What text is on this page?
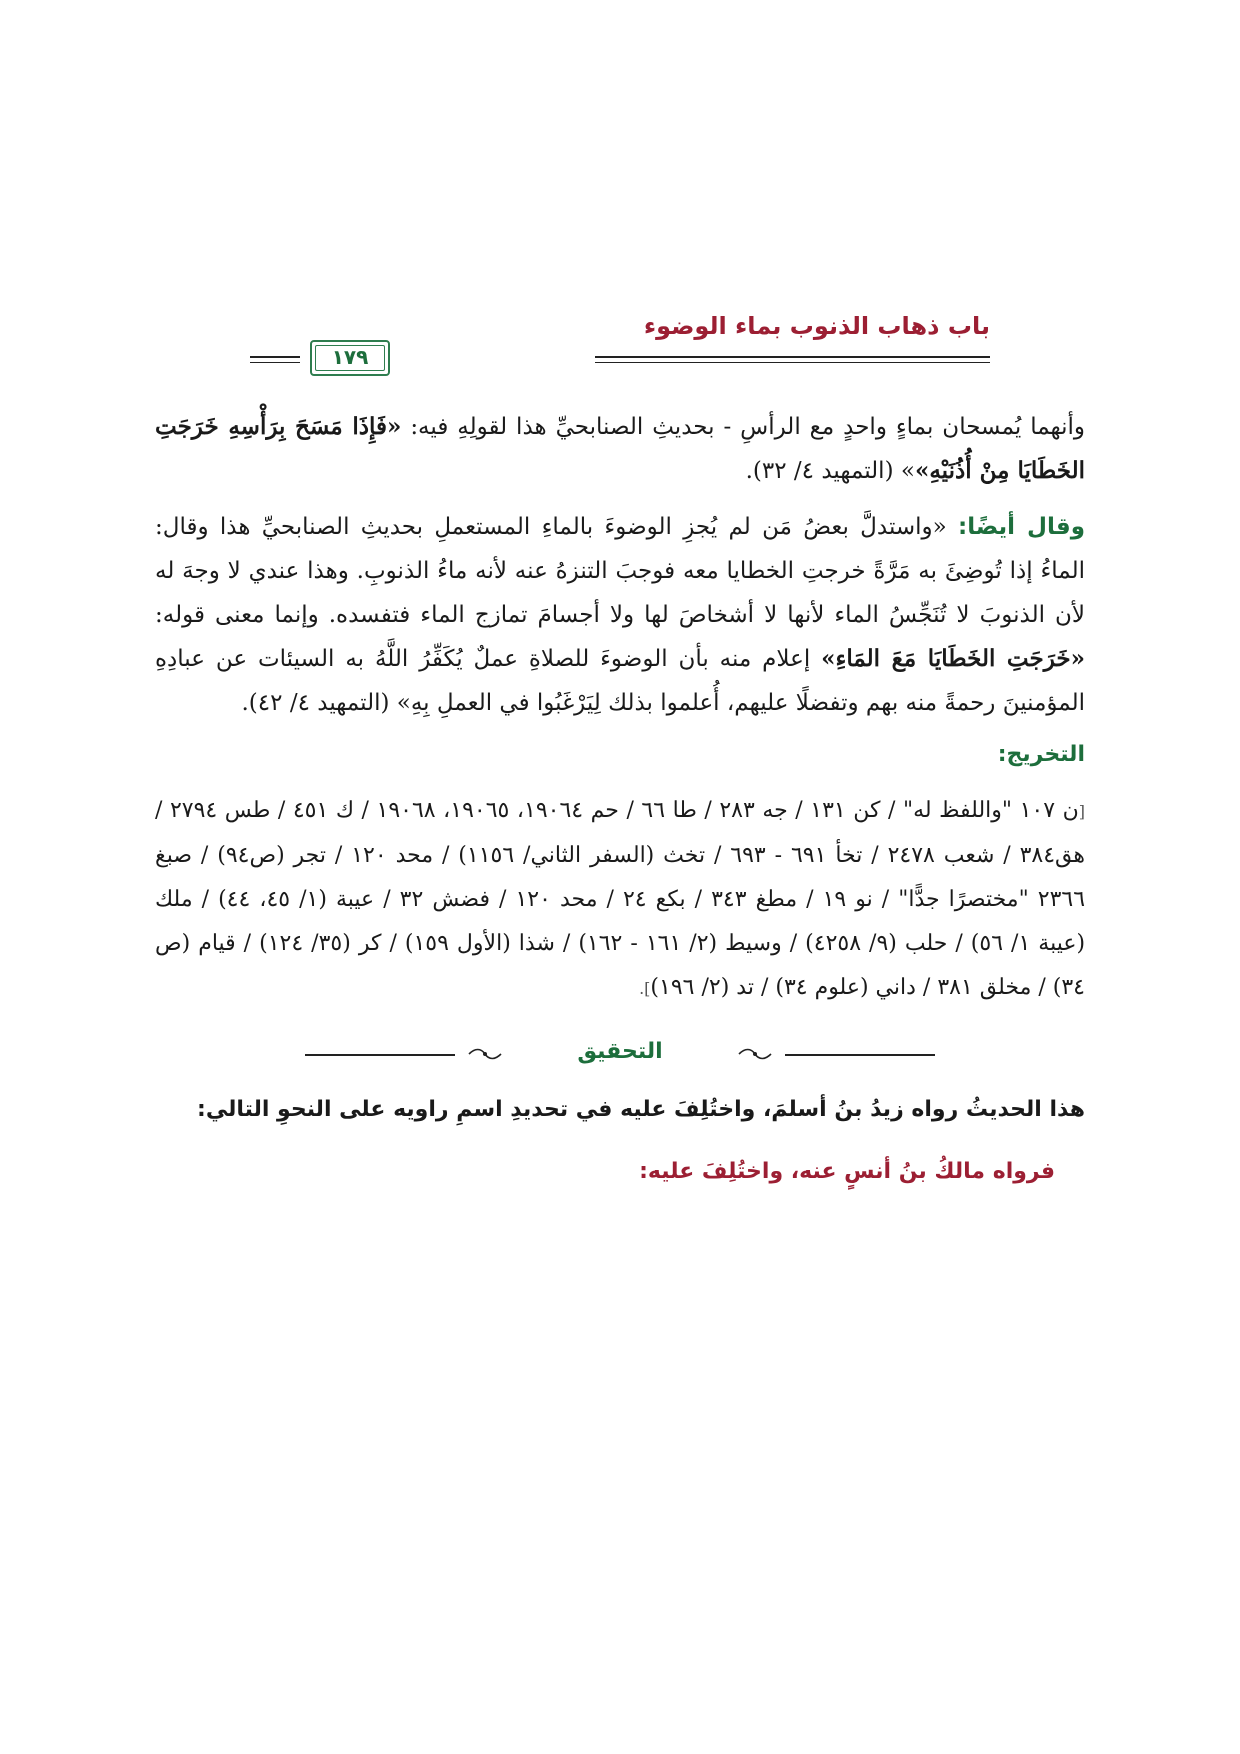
باب ذهاب الذنوب بماء الوضوء
١٧٩

وأنهما يُمسحان بماءٍ واحدٍ مع الرأسِ - بحديثِ الصنابحيِّ هذا لقولِهِ فيه: «فَإِذَا مَسَحَ بِرَأْسِهِ خَرَجَتِ الخَطَايَا مِنْ أُذُنَيْهِ»» (التمهيد ٤/ ٣٢).

وقال أيضًا: «واستدلَّ بعضُ مَن لم يُجزِ الوضوءَ بالماءِ المستعملِ بحديثِ الصنابحيِّ هذا وقال: الماءُ إذا تُوضِئَ به مَرَّةً خرجتِ الخطايا معه فوجبَ التنزهُ عنه لأنه ماءُ الذنوبِ. وهذا عندي لا وجهَ له لأن الذنوبَ لا تُنَجِّسُ الماء لأنها لا أشخاصَ لها ولا أجسامَ تمازج الماء فتفسده. وإنما معنى قوله: «خَرَجَتِ الخَطَايَا مَعَ المَاءِ» إعلام منه بأن الوضوءَ للصلاةِ عملٌ يُكَفِّرُ اللَّهُ به السيئات عن عبادِهِ المؤمنينَ رحمةً منه بهم وتفضلًا عليهم، أُعلموا بذلك لِيَرْغَبُوا في العملِ بِهِ» (التمهيد ٤/ ٤٢).

التخريج:

[ن ١٠٧ "واللفظ له" / كن ١٣١ / جه ٢٨٣ / طا ٦٦ / حم ١٩٠٦٤، ١٩٠٦٥، ١٩٠٦٨ / ك ٤٥١ / طس ٢٧٩٤ / هق٣٨٤ / شعب ٢٤٧٨ / تخأ ٦٩١ - ٦٩٣ / تخث (السفر الثاني/ ١١٥٦) / محد ١٢٠ / تجر (ص٩٤) / صبغ ٢٣٦٦ "مختصرًا جدًّا" / نو ١٩ / مطغ ٣٤٣ / بكع ٢٤ / محد ١٢٠ / فضش ٣٢ / عيبة (١/ ٤٥، ٤٤) / ملك (عيبة ١/ ٥٦) / حلب (٩/ ٤٢٥٨) / وسيط (٢/ ١٦١ - ١٦٢) / شذا (الأول ١٥٩) / كر (٣٥/ ١٢٤) / قيام (ص ٣٤) / مخلق ٣٨١ / داني (علوم ٣٤) / تد (٢/ ١٩٦)].

التحقيق

هذا الحديثُ رواه زيدُ بنُ أسلمَ، واختُلِفَ عليه في تحديدِ اسمِ راويه على النحوِ التالي:

فرواه مالكُ بنُ أنسٍ عنه، واختُلِفَ عليه:
